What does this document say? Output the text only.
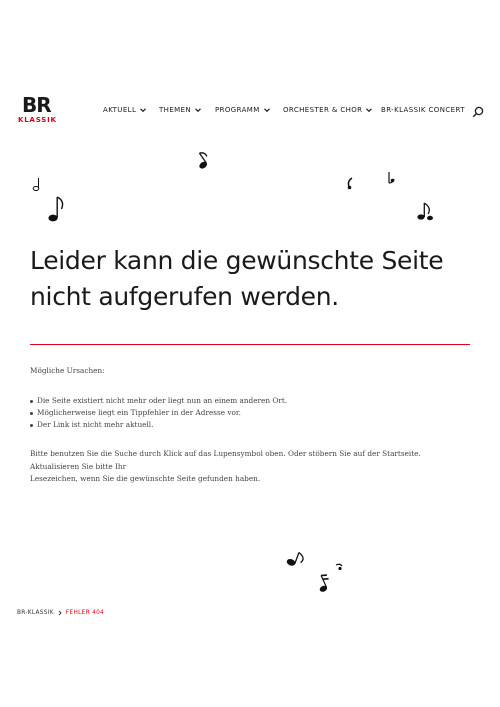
BR
KLASSIK
AKTUELL	THEMEN	PROGRAMM	ORCHESTER & CHOR	BR-KLASSIK CONCERT
Leider kann die gewünschte Seite
nicht aufgerufen werden.

Mögliche Ursachen:

Die Seite existiert nicht mehr oder liegt nun an einem anderen Ort.
Möglicherweise liegt ein Tippfehler in der Adresse vor.
Der Link ist nicht mehr aktuell.

Bitte benutzen Sie die Suche durch Klick auf das Lupensymbol oben. Oder stöbern Sie auf der Startseite. Aktualisieren Sie bitte Ihr
Lesezeichen, wenn Sie die gewünschte Seite gefunden haben.

BR-KLASSIK FEHLER 404
